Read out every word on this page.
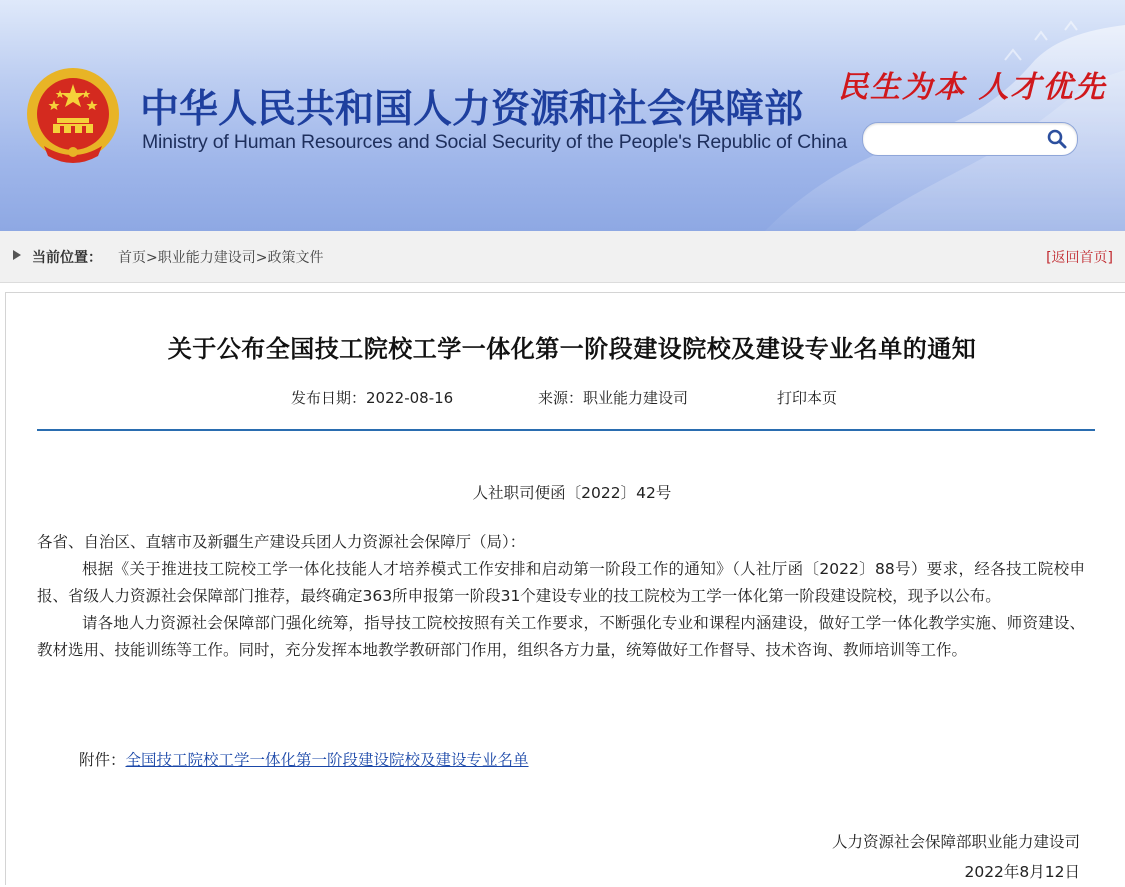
中华人民共和国人力资源和社会保障部
Ministry of Human Resources and Social Security of the People's Republic of China
民生为本 人才优先
当前位置： 首页>职业能力建设司>政策文件	[返回首页]
关于公布全国技工院校工学一体化第一阶段建设院校及建设专业名单的通知
发布日期：2022-08-16	来源：职业能力建设司	打印本页
人社职司便函〔2022〕42号

各省、自治区、直辖市及新疆生产建设兵团人力资源社会保障厅（局）：

根据《关于推进技工院校工学一体化技能人才培养模式工作安排和启动第一阶段工作的通知》（人社厅函〔2022〕88号）要求，经各技工院校申报、省级人力资源社会保障部门推荐，最终确定363所申报第一阶段31个建设专业的技工院校为工学一体化第一阶段建设院校，现予以公布。

请各地人力资源社会保障部门强化统筹，指导技工院校按照有关工作要求，不断强化专业和课程内涵建设，做好工学一体化教学实施、师资建设、教材选用、技能训练等工作。同时，充分发挥本地教学教研部门作用，组织各方力量，统筹做好工作督导、技术咨询、教师培训等工作。

附件：全国技工院校工学一体化第一阶段建设院校及建设专业名单
人力资源社会保障部职业能力建设司
2022年8月12日
